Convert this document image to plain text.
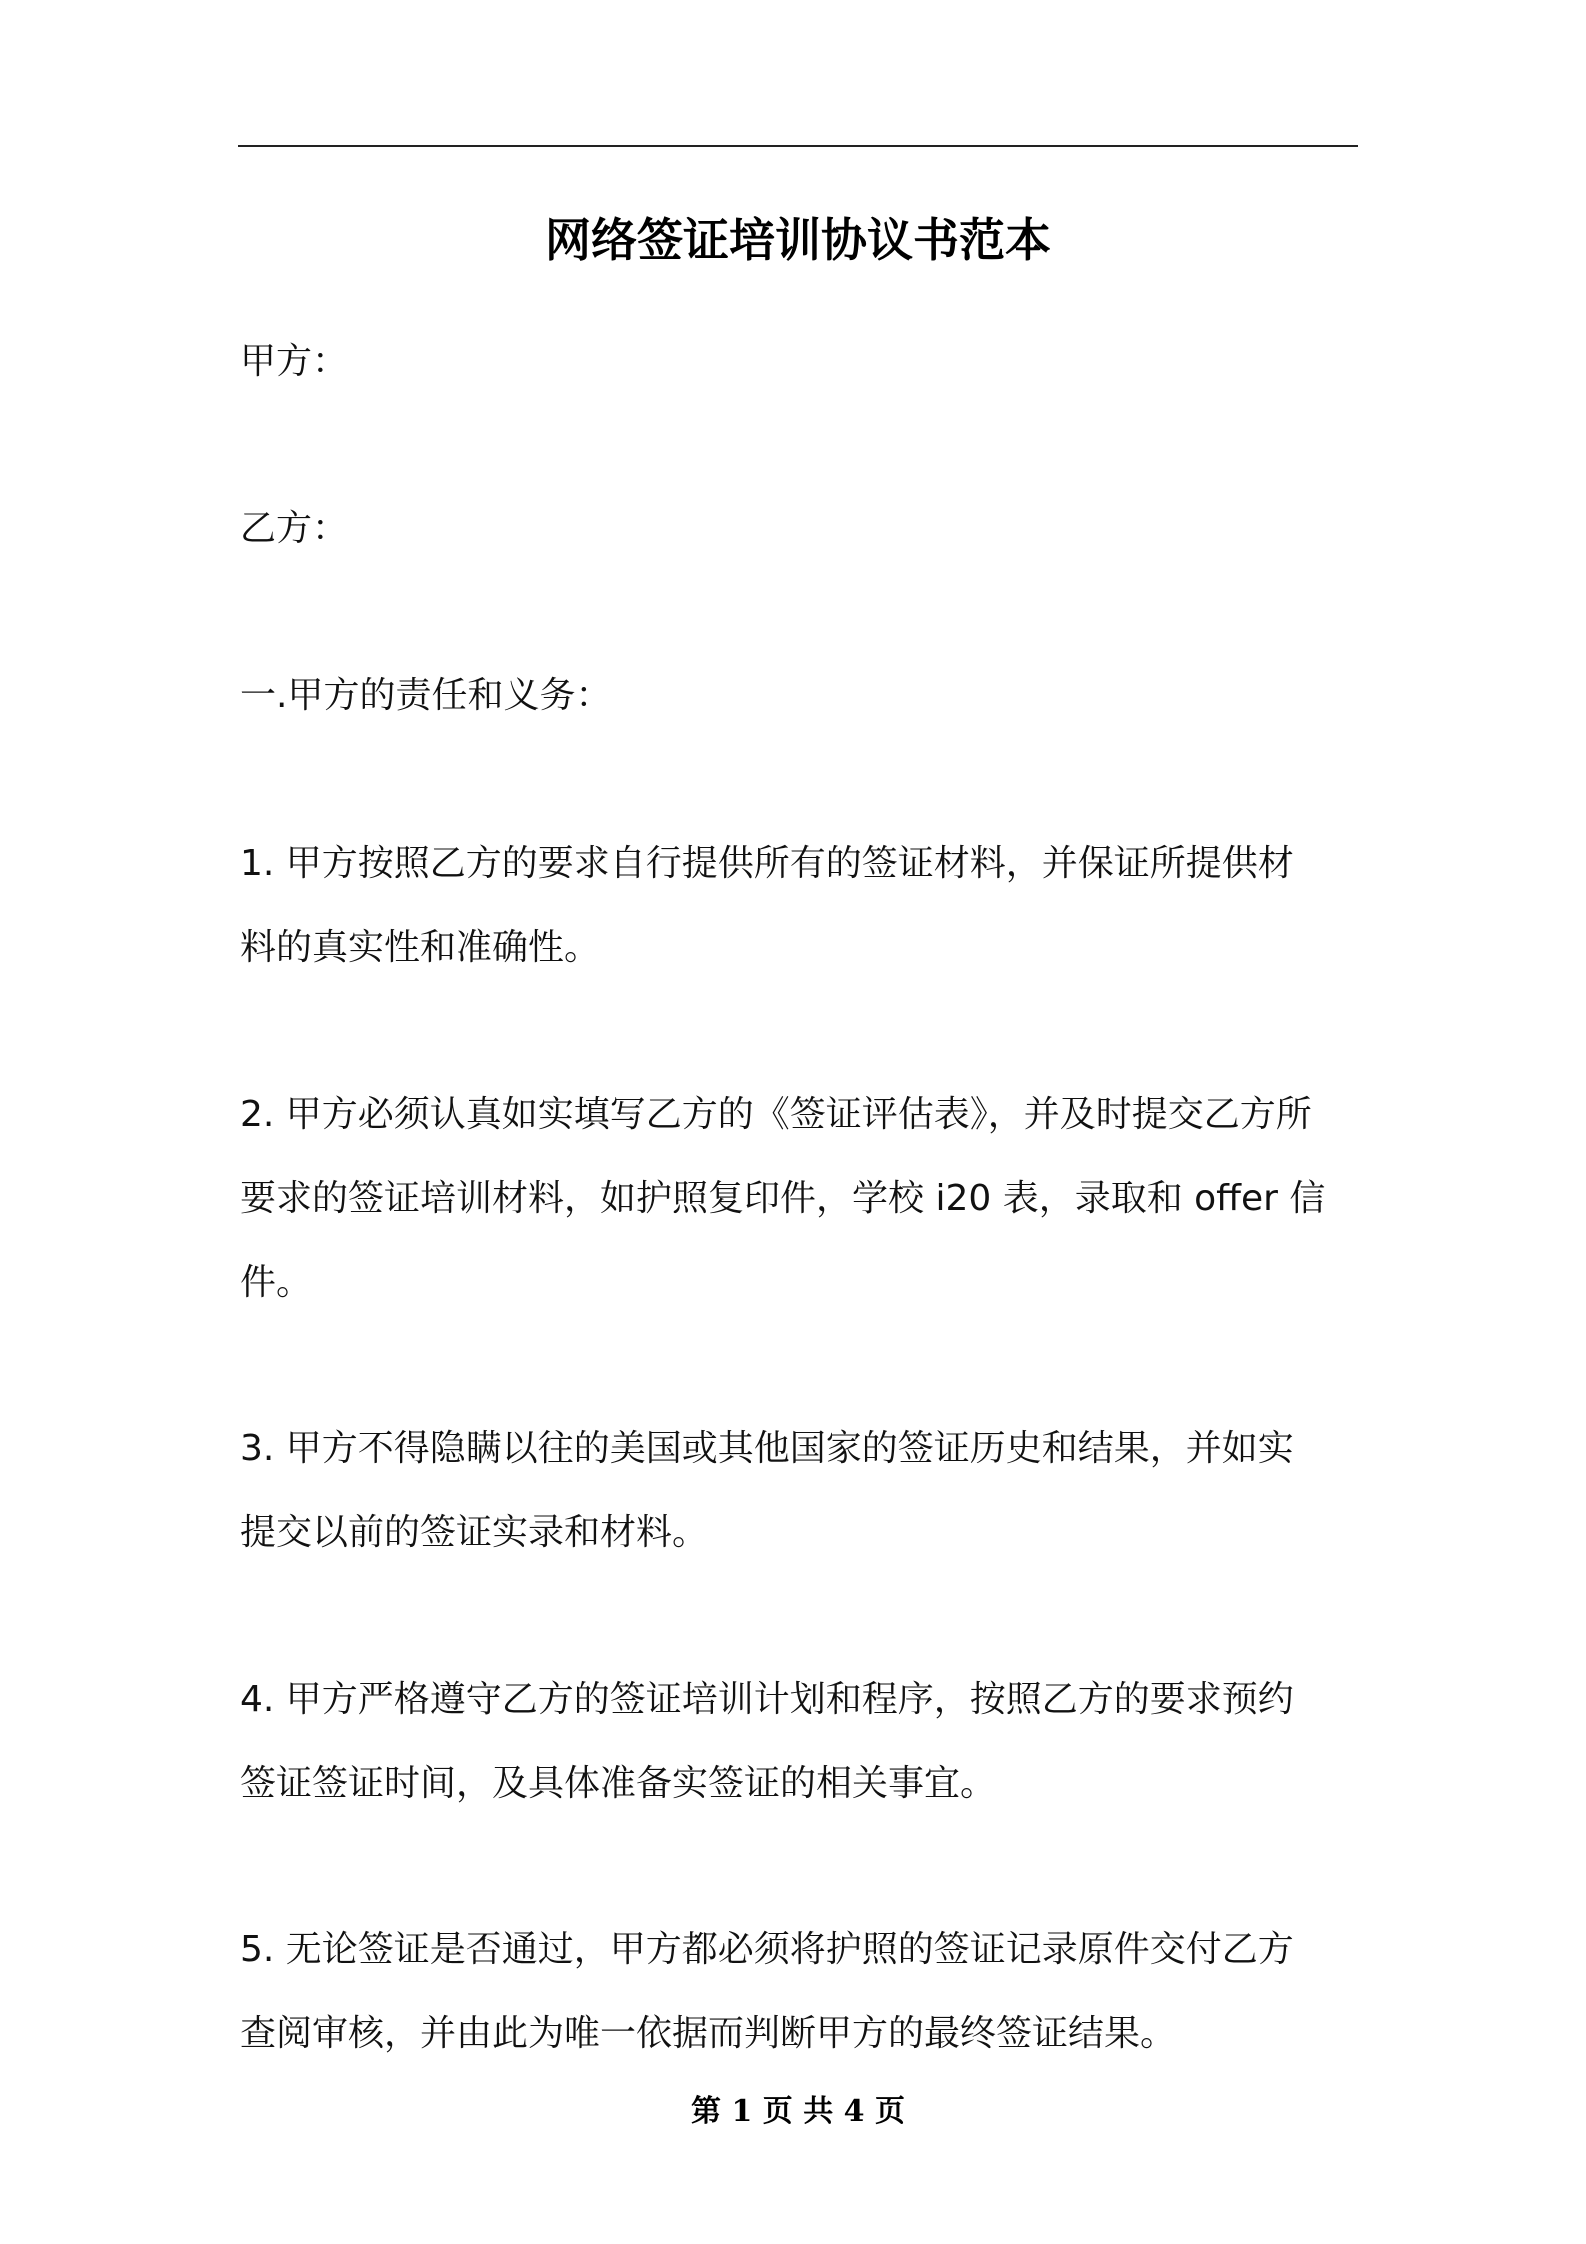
网络签证培训协议书范本

甲方：

乙方：

一.甲方的责任和义务：

1. 甲方按照乙方的要求自行提供所有的签证材料，并保证所提供材
料的真实性和准确性。
2. 甲方必须认真如实填写乙方的《签证评估表》，并及时提交乙方所
要求的签证培训材料，如护照复印件，学校 i20 表，录取和 offer 信
件。
3. 甲方不得隐瞒以往的美国或其他国家的签证历史和结果，并如实
提交以前的签证实录和材料。
4. 甲方严格遵守乙方的签证培训计划和程序，按照乙方的要求预约
签证签证时间，及具体准备实签证的相关事宜。
5. 无论签证是否通过，甲方都必须将护照的签证记录原件交付乙方
查阅审核，并由此为唯一依据而判断甲方的最终签证结果。

第 1 页 共 4 页
